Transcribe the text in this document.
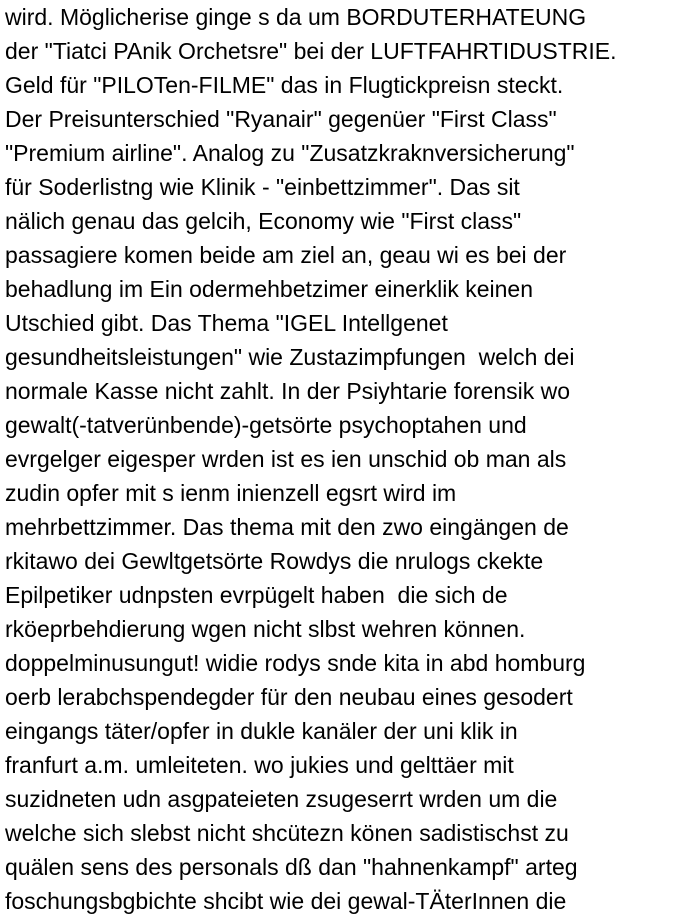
wird. Möglicherise ginge s da um BORDUTERHATEUNG
der "Tiatci PAnik Orchetsre" bei der LUFTFAHRTIDUSTRIE.
Geld für "PILOTen-FILME" das in Flugtickpreisn steckt.
Der Preisunterschied "Ryanair" gegenüer "First Class"
"Premium airline". Analog zu "Zusatzkraknversicherung"
für Soderlistng wie Klinik - "einbettzimmer". Das sit
nälich genau das gelcih, Economy wie "First class"
passagiere komen beide am ziel an, geau wi es bei der
behadlung im Ein odermehbetzimer einerklik keinen
Utschied gibt. Das Thema "IGEL Intellgenet
gesundheitsleistungen" wie Zustazimpfungen  welch dei
normale Kasse nicht zahlt. In der Psiyhtarie forensik wo
gewalt(-tatverünbende)-getsörte psychoptahen und
evrgelger eigesper wrden ist es ien unschid ob man als
zudin opfer mit s ienm inienzell egsrt wird im
mehrbettzimmer. Das thema mit den zwo eingängen de
rkitawo dei Gewltgetsörte Rowdys die nrulogs ckekte
Epilpetiker udnpsten evrpügelt haben  die sich de
rköeprbehdierung wgen nicht slbst wehren können.
doppelminusungut! widie rodys snde kita in abd homburg
oerb lerabchspendegder für den neubau eines gesodert
eingangs täter/opfer in dukle kanäler der uni klik in
franfurt a.m. umleiteten. wo jukies und gelttäer mit
suzidneten udn asgpateieten zsugeserrt wrden um die
welche sich slebst nicht shcütezn könen sadistischst zu
quälen sens des personals dß dan "hahnenkampf" arteg
foschungsbgbichte shcibt wie dei gewal-TÄterInnen die
